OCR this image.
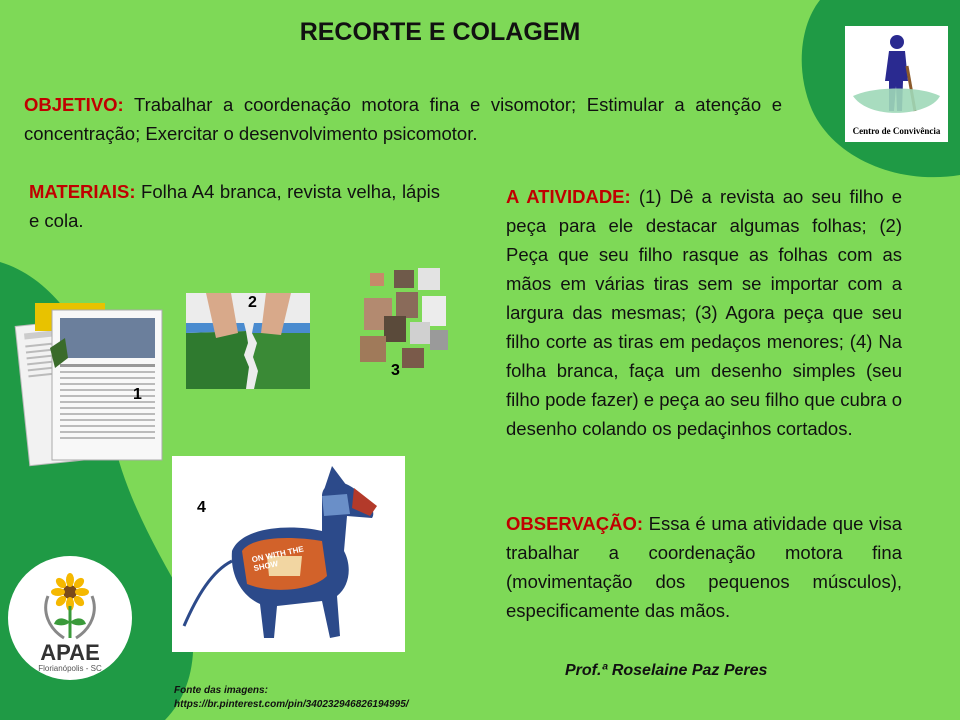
RECORTE E COLAGEM
OBJETIVO: Trabalhar a coordenação motora fina e visomotor; Estimular a atenção e concentração; Exercitar o desenvolvimento psicomotor.
MATERIAIS: Folha A4 branca, revista velha, lápis e cola.
A ATIVIDADE: (1) Dê a revista ao seu filho e peça para ele destacar algumas folhas; (2) Peça que seu filho rasque as folhas com as mãos em várias tiras sem se importar com a largura das mesmas; (3) Agora peça que seu filho corte as tiras em pedaços menores; (4) Na folha branca, faça um desenho simples (seu filho pode fazer) e peça ao seu filho que cubra o desenho colando os pedaçinhos cortados.
OBSERVAÇÃO: Essa é uma atividade que visa trabalhar a coordenação motora fina (movimentação dos pequenos músculos), especificamente das mãos.
Centro de Convivência
1
2
3
ON WITH THE SHOW
4
APAE
Florianópolis - SC
Fonte das imagens:
https://br.pinterest.com/pin/340232946826194995/
Prof.ª Roselaine Paz Peres
